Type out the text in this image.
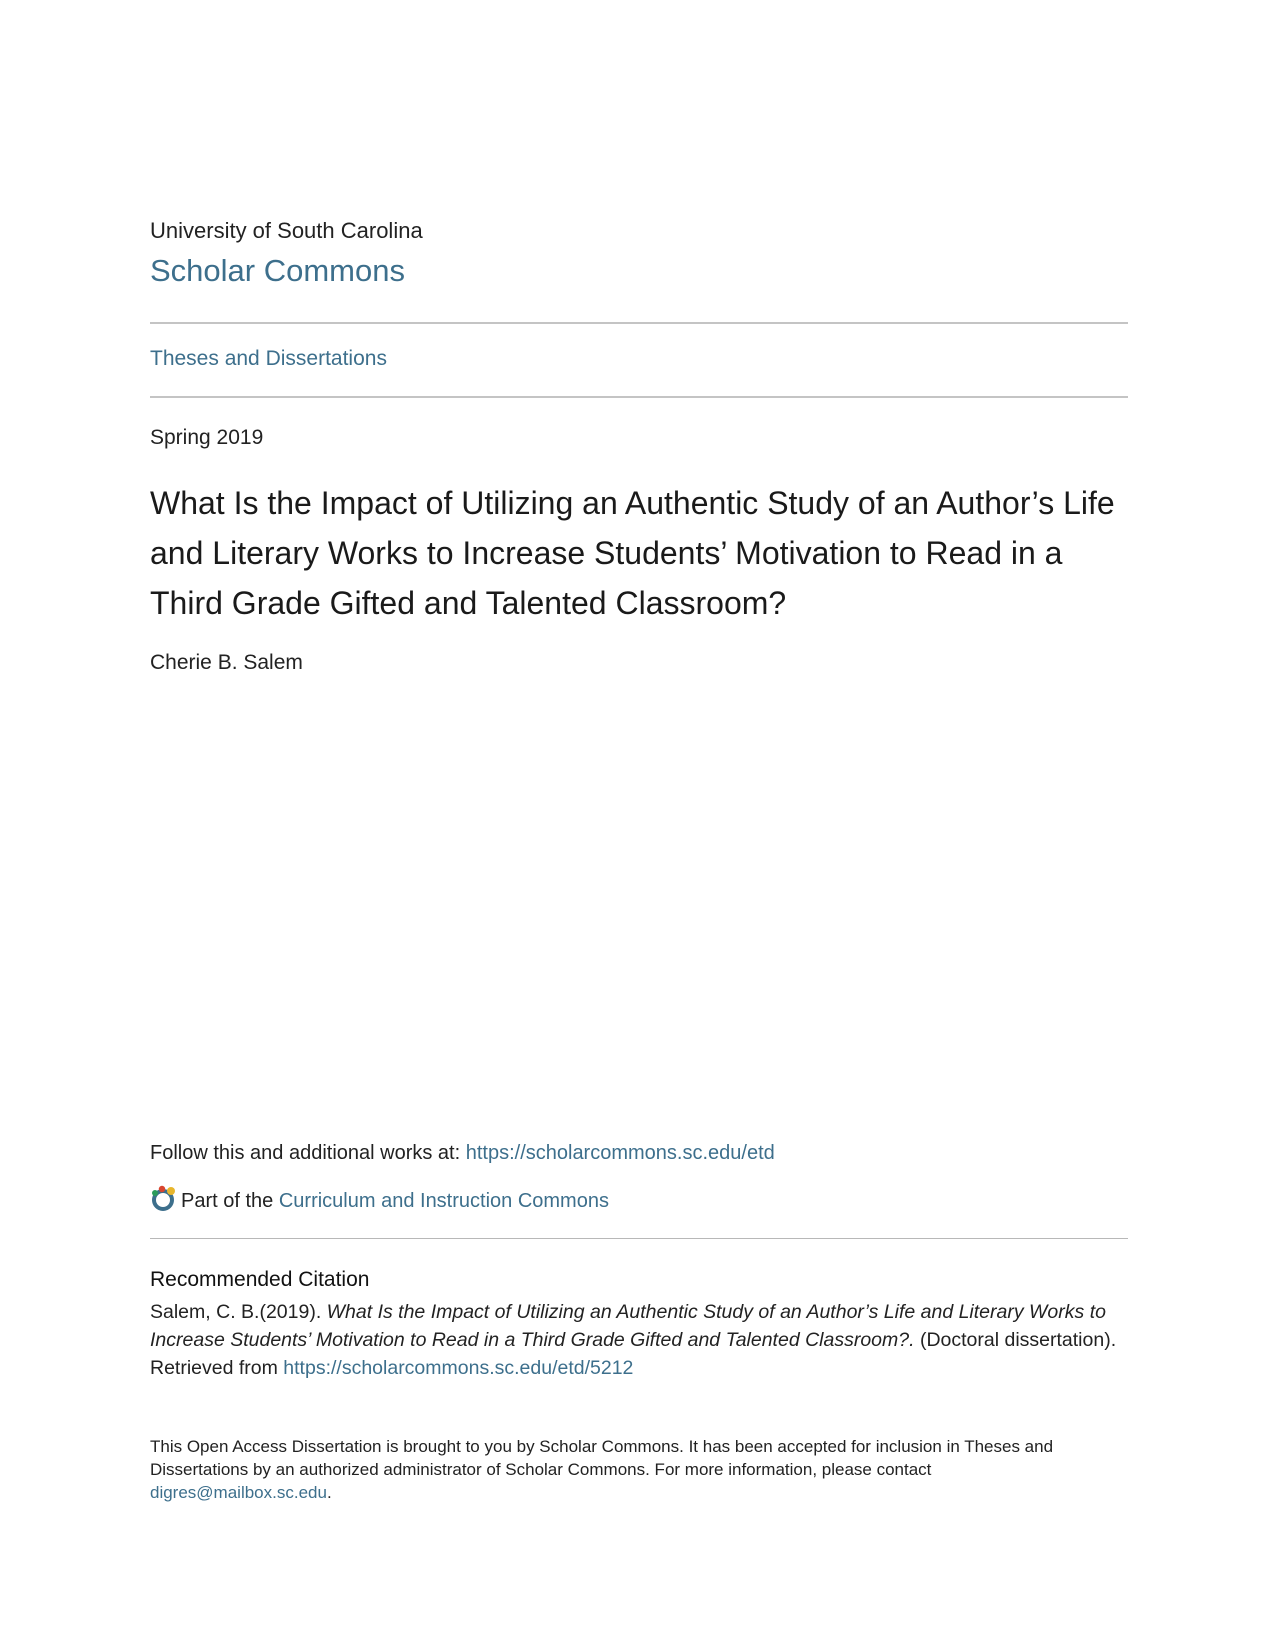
University of South Carolina
Scholar Commons
Theses and Dissertations
Spring 2019
What Is the Impact of Utilizing an Authentic Study of an Author’s Life and Literary Works to Increase Students’ Motivation to Read in a Third Grade Gifted and Talented Classroom?
Cherie B. Salem
Follow this and additional works at: https://scholarcommons.sc.edu/etd
Part of the Curriculum and Instruction Commons
Recommended Citation
Salem, C. B.(2019). What Is the Impact of Utilizing an Authentic Study of an Author’s Life and Literary Works to Increase Students’ Motivation to Read in a Third Grade Gifted and Talented Classroom?. (Doctoral dissertation). Retrieved from https://scholarcommons.sc.edu/etd/5212
This Open Access Dissertation is brought to you by Scholar Commons. It has been accepted for inclusion in Theses and Dissertations by an authorized administrator of Scholar Commons. For more information, please contact digres@mailbox.sc.edu.
